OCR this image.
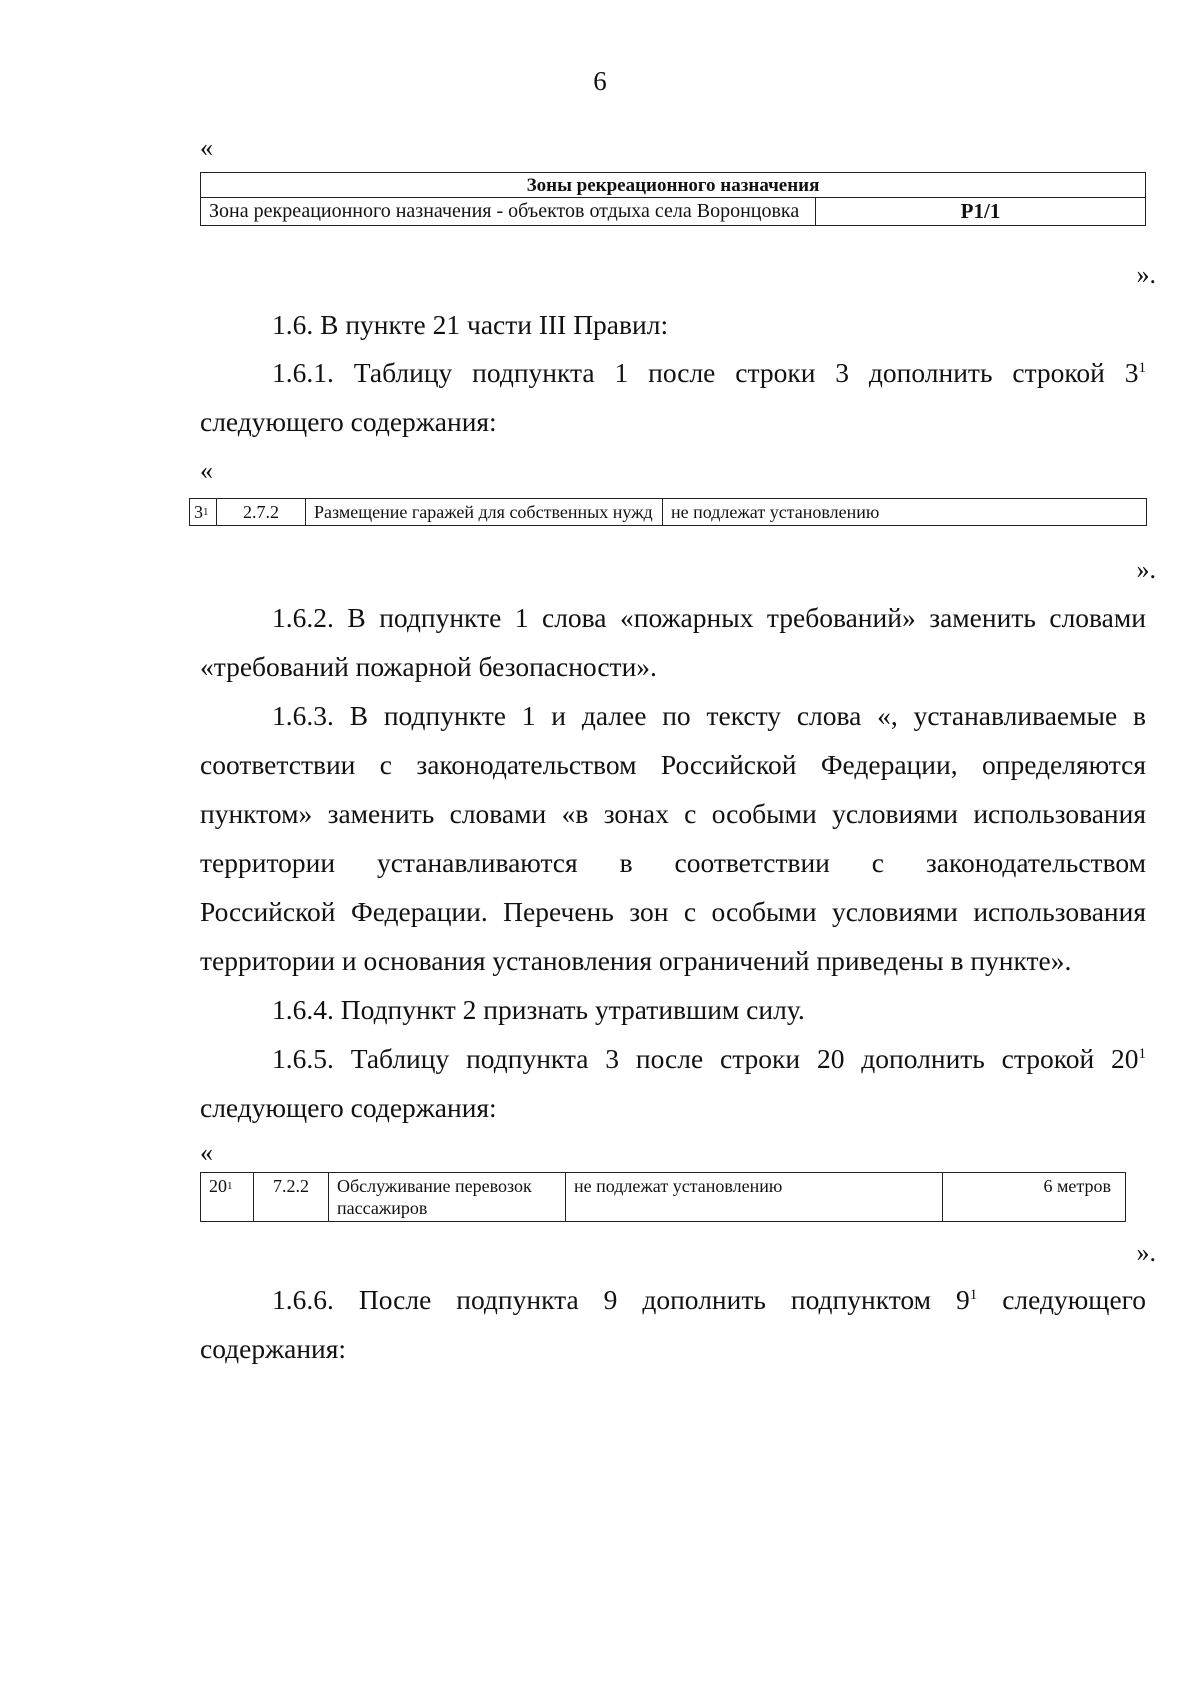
6
«
Зоны рекреационного назначения
Зона рекреационного назначения - объектов отдыха села Воронцовка	Р1/1
».
1.6. В пункте 21 части III Правил:
1.6.1. Таблицу подпункта 1 после строки 3 дополнить строкой $3^1$
следующего содержания:
«
$3^1$	2.7.2	Размещение гаражей для собственных нужд	не подлежат установлению
».
1.6.2. В подпункте 1 слова «пожарных требований» заменить словами
«требований пожарной безопасности».
1.6.3. В подпункте 1 и далее по тексту слова «, устанавливаемые в
соответствии с законодательством Российской Федерации, определяются
пунктом» заменить словами «в зонах с особыми условиями использования
территории устанавливаются в соответствии с законодательством
Российской Федерации. Перечень зон с особыми условиями использования
территории и основания установления ограничений приведены в пункте».
1.6.4. Подпункт 2 признать утратившим силу.
1.6.5. Таблицу подпункта 3 после строки 20 дополнить строкой $20^1$
следующего содержания:
«
$20^1$	7.2.2	Обслуживание перевозок пассажиров	не подлежат установлению	6 метров
».
1.6.6. После подпункта 9 дополнить подпунктом $9^1$ следующего
содержания:
